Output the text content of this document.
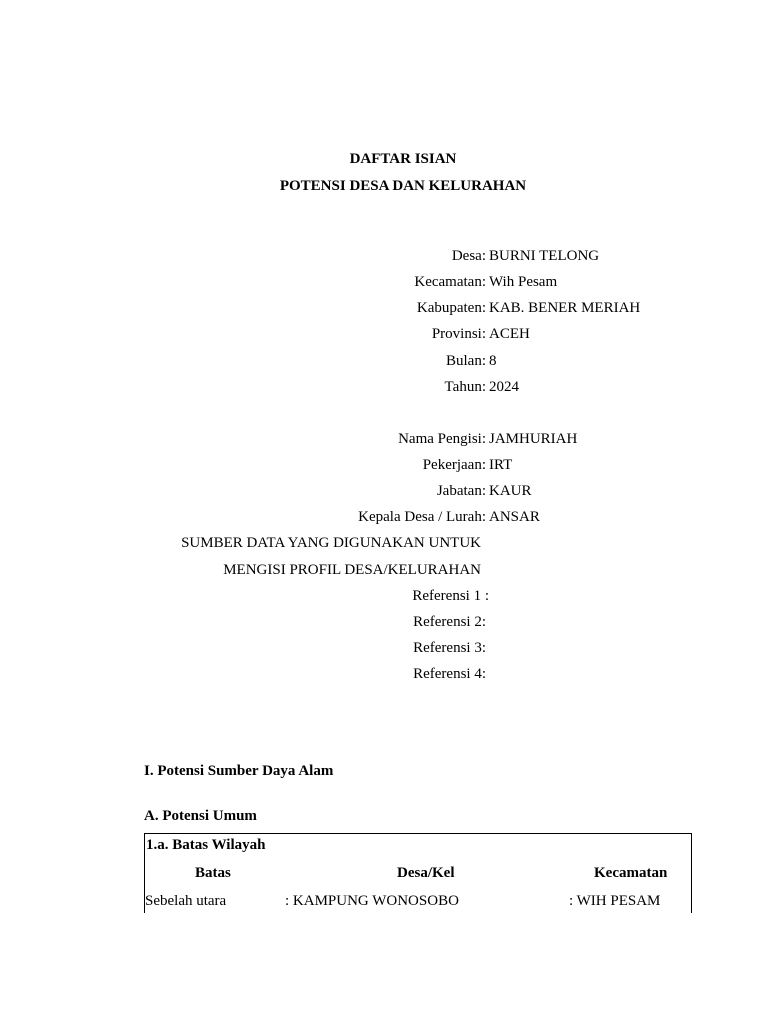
DAFTAR ISIAN
POTENSI DESA DAN KELURAHAN
Desa: BURNI TELONG
Kecamatan: Wih Pesam
Kabupaten: KAB. BENER MERIAH
Provinsi: ACEH
Bulan: 8
Tahun: 2024
Nama Pengisi: JAMHURIAH
Pekerjaan: IRT
Jabatan: KAUR
Kepala Desa / Lurah: ANSAR
SUMBER DATA YANG DIGUNAKAN UNTUK
MENGISI PROFIL DESA/KELURAHAN
Referensi 1 :
Referensi 2:
Referensi 3:
Referensi 4:
I. Potensi Sumber Daya Alam
A. Potensi Umum
1.a. Batas Wilayah
Batas	Desa/Kel	Kecamatan
Sebelah utara	: KAMPUNG WONOSOBO	: WIH PESAM
